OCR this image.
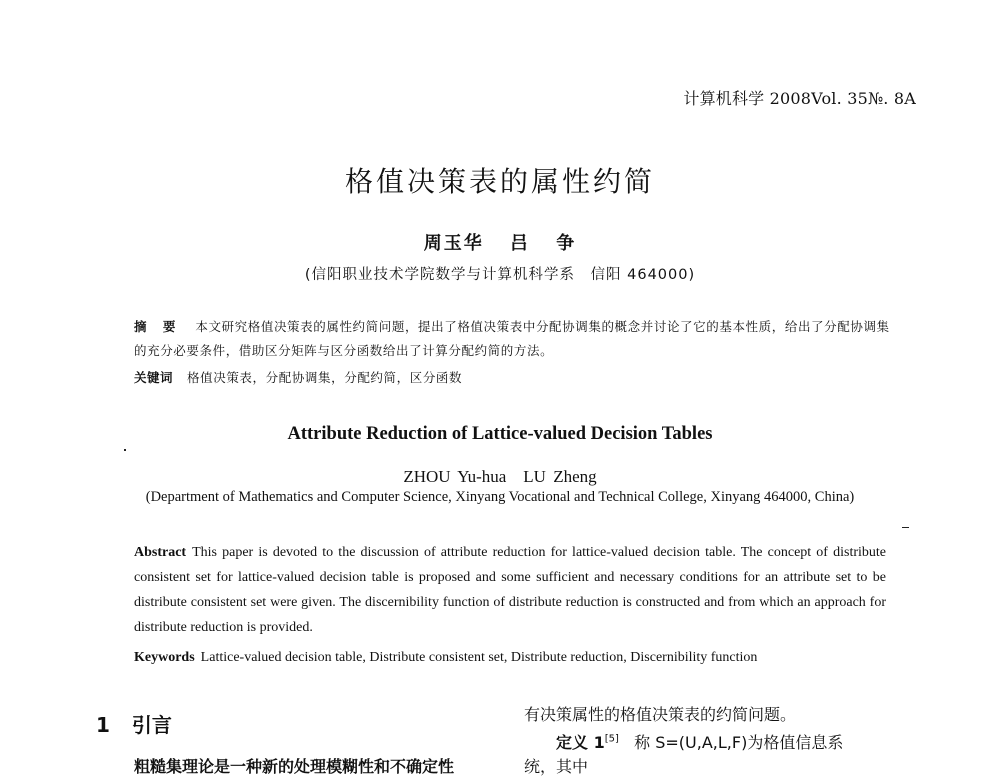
计算机科学 2008Vol. 35№. 8A
格值决策表的属性约简
周玉华 吕 争
(信阳职业技术学院数学与计算机科学系　信阳 464000)
摘 要 本文研究格值决策表的属性约简问题，提出了格值决策表中分配协调集的概念并讨论了它的基本性质，给出了分配协调集的充分必要条件，借助区分矩阵与区分函数给出了计算分配约简的方法。
关键词 格值决策表，分配协调集，分配约简，区分函数
Attribute Reduction of Lattice-valued Decision Tables
ZHOU Yu-hua　LU Zheng
(Department of Mathematics and Computer Science, Xinyang Vocational and Technical College, Xinyang 464000, China)
Abstract This paper is devoted to the discussion of attribute reduction for lattice-valued decision table. The concept of distribute consistent set for lattice-valued decision table is proposed and some sufficient and necessary conditions for an attribute set to be distribute consistent set were given. The discernibility function of distribute reduction is constructed and from which an approach for distribute reduction is provided.
Keywords Lattice-valued decision table, Distribute consistent set, Distribute reduction, Discernibility function
1 引言
粗糙集理论是一种新的处理模糊性和不确定性
有决策属性的格值决策表的约简问题。
定义 1[5] 称 S=(U,A,L,F)为格值信息系
统，其中
